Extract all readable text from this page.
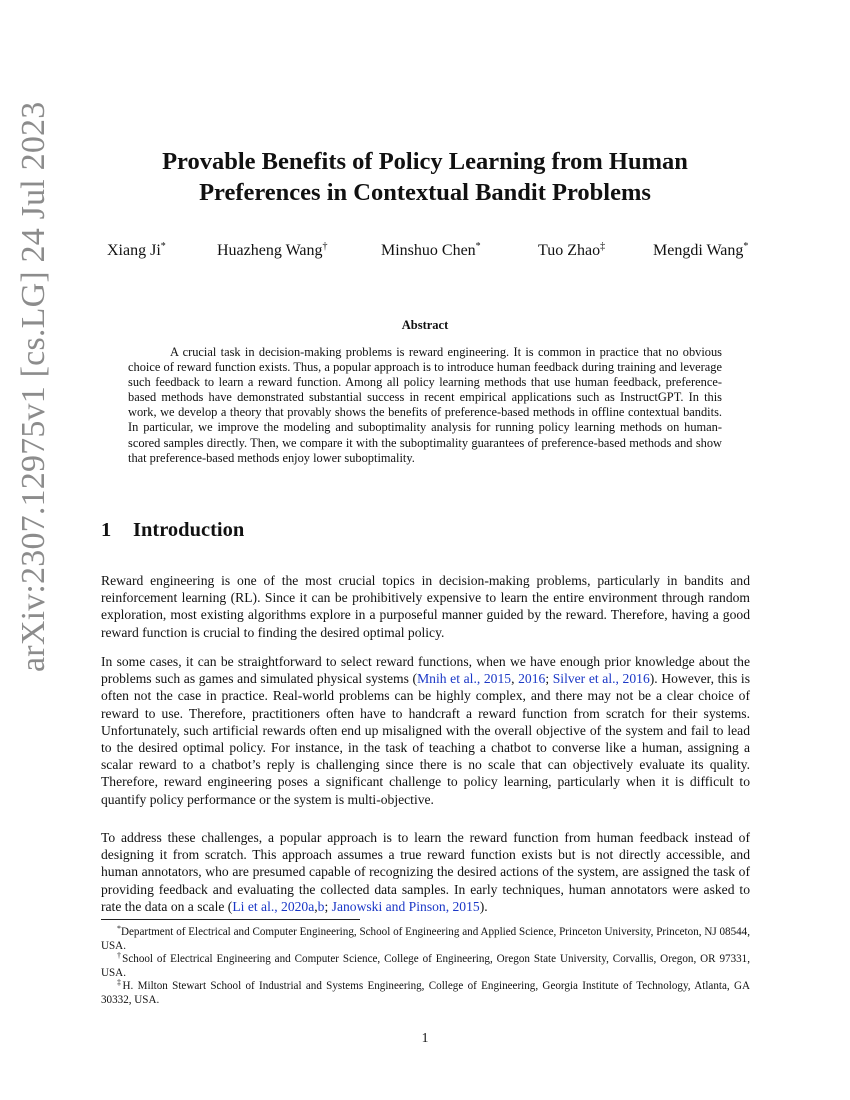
arXiv:2307.12975v1 [cs.LG] 24 Jul 2023	Provable Benefits of Policy Learning from Human
Preferences in Contextual Bandit Problems
Xiang Ji*	Huazheng Wang†	Minshuo Chen*	Tuo Zhao‡	Mengdi Wang*
Abstract
A crucial task in decision-making problems is reward engineering. It is common in practice that no obvious choice of reward function exists. Thus, a popular approach is to introduce human feedback during training and leverage such feedback to learn a reward function. Among all policy learning methods that use human feedback, preference-based methods have demonstrated substantial success in recent empirical applications such as InstructGPT. In this work, we develop a theory that provably shows the benefits of preference-based methods in offline contextual bandits. In particular, we improve the modeling and suboptimality analysis for running policy learning methods on human-scored samples directly. Then, we compare it with the suboptimality guarantees of preference-based methods and show that preference-based methods enjoy lower suboptimality.
1 Introduction
Reward engineering is one of the most crucial topics in decision-making problems, particularly in bandits and reinforcement learning (RL). Since it can be prohibitively expensive to learn the entire environment through random exploration, most existing algorithms explore in a purposeful manner guided by the reward. Therefore, having a good reward function is crucial to finding the desired optimal policy.
In some cases, it can be straightforward to select reward functions, when we have enough prior knowledge about the problems such as games and simulated physical systems (Mnih et al., 2015, 2016; Silver et al., 2016). However, this is often not the case in practice. Real-world problems can be highly complex, and there may not be a clear choice of reward to use. Therefore, practitioners often have to handcraft a reward function from scratch for their systems. Unfortunately, such artificial rewards often end up misaligned with the overall objective of the system and fail to lead to the desired optimal policy. For instance, in the task of teaching a chatbot to converse like a human, assigning a scalar reward to a chatbot’s reply is challenging since there is no scale that can objectively evaluate its quality. Therefore, reward engineering poses a significant challenge to policy learning, particularly when it is difficult to quantify policy performance or the system is multi-objective.
To address these challenges, a popular approach is to learn the reward function from human feedback instead of designing it from scratch. This approach assumes a true reward function exists but is not directly accessible, and human annotators, who are presumed capable of recognizing the desired actions of the system, are assigned the task of providing feedback and evaluating the collected data samples. In early techniques, human annotators were asked to rate the data on a scale (Li et al., 2020a,b; Janowski and Pinson, 2015).
*Department of Electrical and Computer Engineering, School of Engineering and Applied Science, Princeton University, Princeton, NJ 08544, USA.
†School of Electrical Engineering and Computer Science, College of Engineering, Oregon State University, Corvallis, Oregon, OR 97331, USA.
‡H. Milton Stewart School of Industrial and Systems Engineering, College of Engineering, Georgia Institute of Technology, Atlanta, GA 30332, USA.
1
